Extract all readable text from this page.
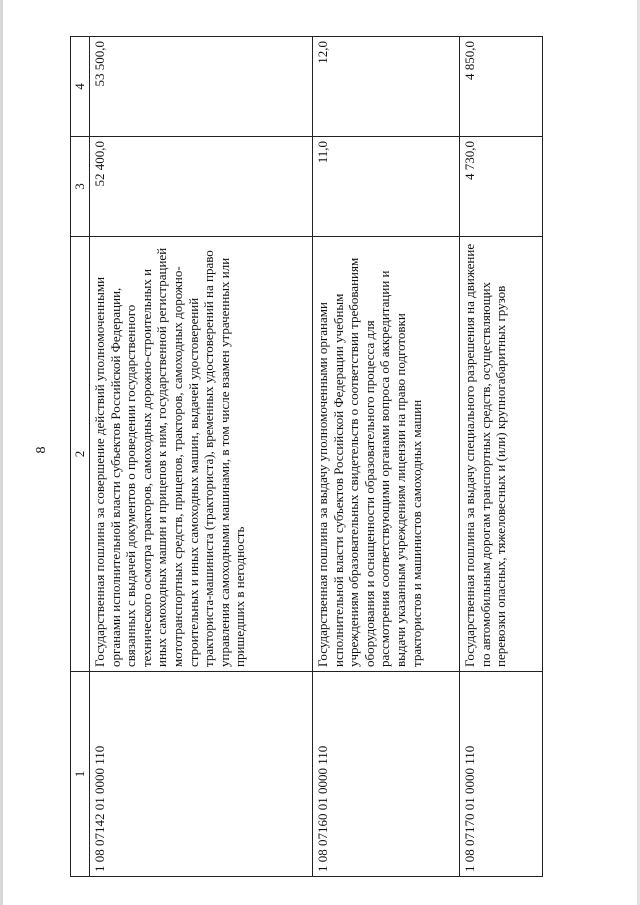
8
1	2	3	4
1 08 07142 01 0000 110	Государственная пошлина за совершение действий уполномоченными органами исполнительной власти субъектов Российской Федерации, связанных с выдачей документов о проведении государственного технического осмотра тракторов, самоходных дорожно-строительных и иных самоходных машин и прицепов к ним, государственной регистрацией мототранспортных средств, прицепов, тракторов, самоходных дорожно-строительных и иных самоходных машин, выдачей удостоверений тракториста-машиниста (тракториста), временных удостоверений на право управления самоходными машинами, в том числе взамен утраченных или пришедших в негодность	52 400,0	53 500,0
1 08 07160 01 0000 110	Государственная пошлина за выдачу уполномоченными органами исполнительной власти субъектов Российской Федерации учебным учреждениям образовательных свидетельств о соответствии требованиям оборудования и оснащенности образовательного процесса для рассмотрения соответствующими органами вопроса об аккредитации и выдачи указанным учреждениям лицензии на право подготовки трактористов и машинистов самоходных машин	11,0	12,0
1 08 07170 01 0000 110	Государственная пошлина за выдачу специального разрешения на движение по автомобильным дорогам транспортных средств, осуществляющих перевозки опасных, тяжеловесных и (или) крупногабаритных грузов	4 730,0	4 850,0
